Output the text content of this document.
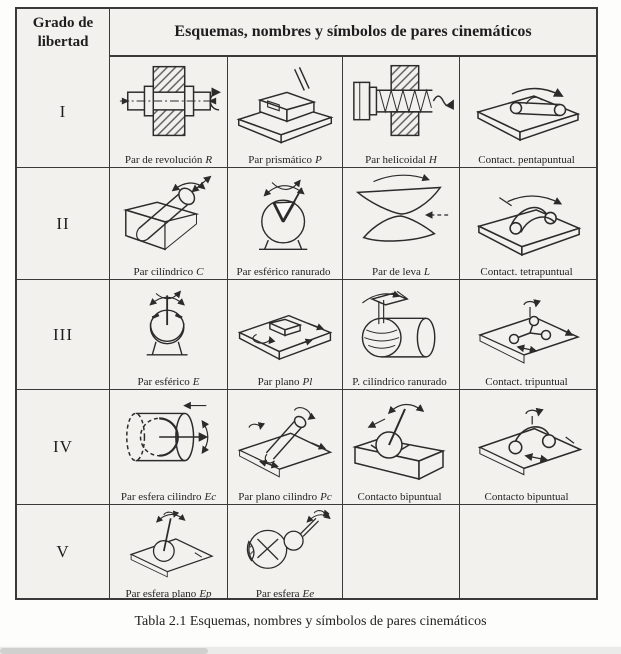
Grado de libertad
Esquemas, nombres y símbolos de pares cinemáticos
I
Par de revolución R	Par prismático P	Par helicoidal H	Contact. pentapuntual
II
Par cilíndrico C	Par esférico ranurado	Par de leva L	Contact. tetrapuntual
III
Par esférico E	Par plano Pl	P. cilíndrico ranurado	Contact. tripuntual
IV
Par esfera cilindro Ec	Par plano cilindro Pc	Contacto bipuntual	Contacto bipuntual
V
Par esfera plano Ep	Par esfera Ee
Tabla 2.1 Esquemas, nombres y símbolos de pares cinemáticos
